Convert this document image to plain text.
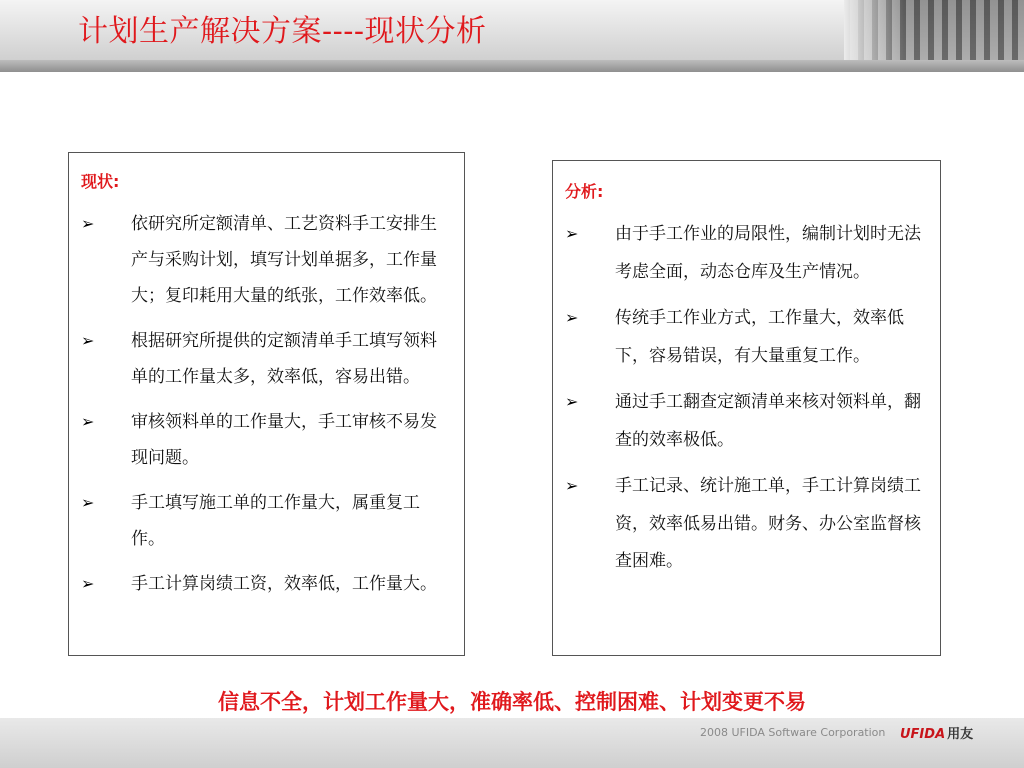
计划生产解决方案----现状分析
现状:
➢	依研究所定额清单、工艺资料手工安排生产与采购计划，填写计划单据多，工作量大；复印耗用大量的纸张，工作效率低。
➢	根据研究所提供的定额清单手工填写领料单的工作量太多，效率低，容易出错。
➢	审核领料单的工作量大，手工审核不易发现问题。
➢	手工填写施工单的工作量大，属重复工作。
➢	手工计算岗绩工资，效率低，工作量大。
分析:
➢	由于手工作业的局限性，编制计划时无法考虑全面，动态仓库及生产情况。
➢	传统手工作业方式，工作量大，效率低下，容易错误，有大量重复工作。
➢	通过手工翻查定额清单来核对领料单，翻查的效率极低。
➢	手工记录、统计施工单，手工计算岗绩工资，效率低易出错。财务、办公室监督核查困难。

信息不全，计划工作量大，准确率低、控制困难、计划变更不易

2008 UFIDA Software Corporation UFIDA 用友
